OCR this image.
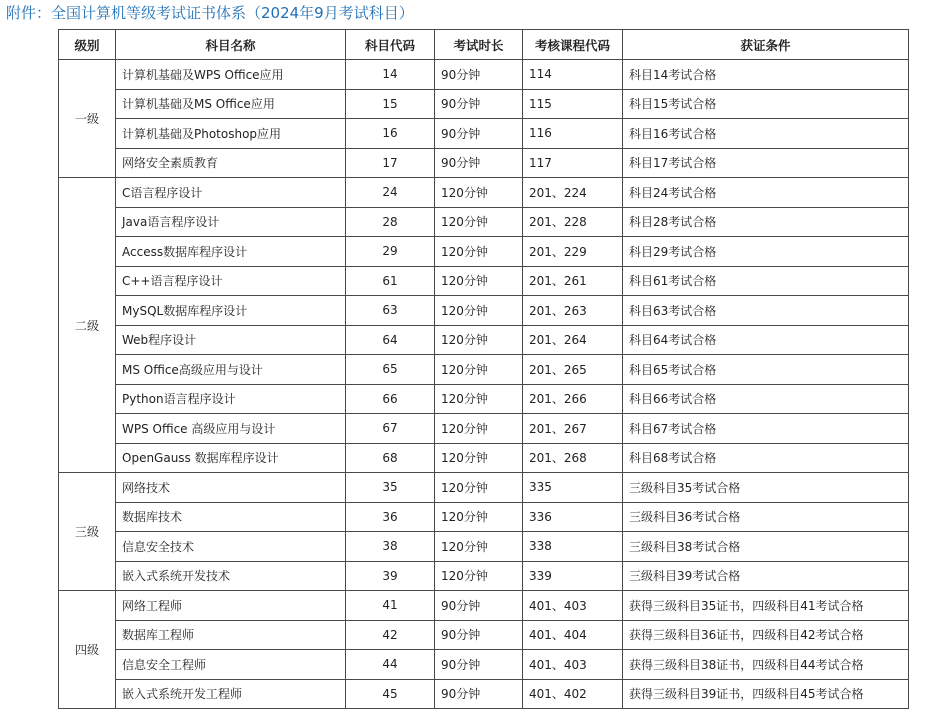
附件：全国计算机等级考试证书体系（2024年9月考试科目）
级别	科目名称	科目代码	考试时长	考核课程代码	获证条件
一级	计算机基础及WPS Office应用	14	90分钟	114	科目14考试合格
	计算机基础及MS Office应用	15	90分钟	115	科目15考试合格
	计算机基础及Photoshop应用	16	90分钟	116	科目16考试合格
	网络安全素质教育	17	90分钟	117	科目17考试合格
二级	C语言程序设计	24	120分钟	201、224	科目24考试合格
	Java语言程序设计	28	120分钟	201、228	科目28考试合格
	Access数据库程序设计	29	120分钟	201、229	科目29考试合格
	C++语言程序设计	61	120分钟	201、261	科目61考试合格
	MySQL数据库程序设计	63	120分钟	201、263	科目63考试合格
	Web程序设计	64	120分钟	201、264	科目64考试合格
	MS Office高级应用与设计	65	120分钟	201、265	科目65考试合格
	Python语言程序设计	66	120分钟	201、266	科目66考试合格
	WPS Office 高级应用与设计	67	120分钟	201、267	科目67考试合格
	OpenGauss 数据库程序设计	68	120分钟	201、268	科目68考试合格
三级	网络技术	35	120分钟	335	三级科目35考试合格
	数据库技术	36	120分钟	336	三级科目36考试合格
	信息安全技术	38	120分钟	338	三级科目38考试合格
	嵌入式系统开发技术	39	120分钟	339	三级科目39考试合格
四级	网络工程师	41	90分钟	401、403	获得三级科目35证书，四级科目41考试合格
	数据库工程师	42	90分钟	401、404	获得三级科目36证书，四级科目42考试合格
	信息安全工程师	44	90分钟	401、403	获得三级科目38证书，四级科目44考试合格
	嵌入式系统开发工程师	45	90分钟	401、402	获得三级科目39证书，四级科目45考试合格
